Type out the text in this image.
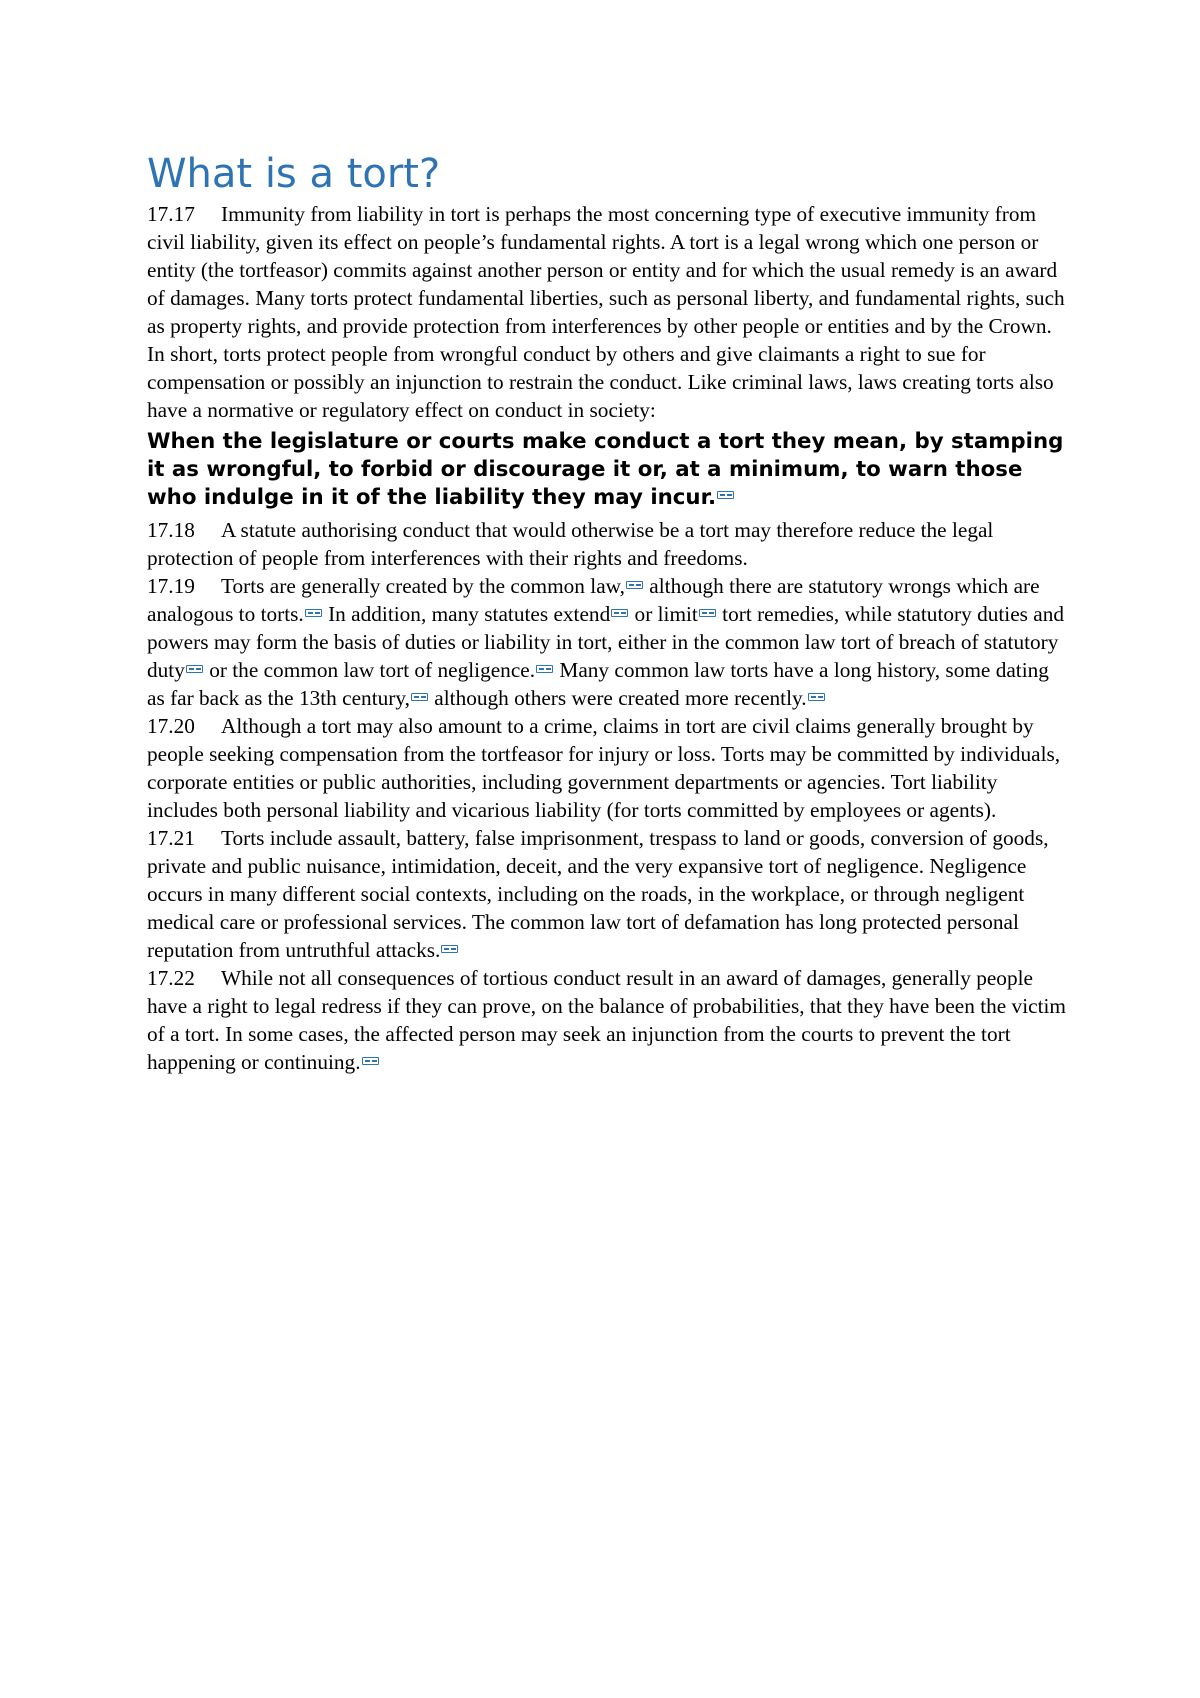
What is a tort?

17.17 Immunity from liability in tort is perhaps the most concerning type of executive immunity from civil liability, given its effect on people’s fundamental rights. A tort is a legal wrong which one person or entity (the tortfeasor) commits against another person or entity and for which the usual remedy is an award of damages. Many torts protect fundamental liberties, such as personal liberty, and fundamental rights, such as property rights, and provide protection from interferences by other people or entities and by the Crown. In short, torts protect people from wrongful conduct by others and give claimants a right to sue for compensation or possibly an injunction to restrain the conduct. Like criminal laws, laws creating torts also have a normative or regulatory effect on conduct in society:

When the legislature or courts make conduct a tort they mean, by stamping it as wrongful, to forbid or discourage it or, at a minimum, to warn those who indulge in it of the liability they may incur.

17.18 A statute authorising conduct that would otherwise be a tort may therefore reduce the legal protection of people from interferences with their rights and freedoms.

17.19 Torts are generally created by the common law, although there are statutory wrongs which are analogous to torts. In addition, many statutes extend or limit tort remedies, while statutory duties and powers may form the basis of duties or liability in tort, either in the common law tort of breach of statutory duty or the common law tort of negligence. Many common law torts have a long history, some dating as far back as the 13th century, although others were created more recently.

17.20 Although a tort may also amount to a crime, claims in tort are civil claims generally brought by people seeking compensation from the tortfeasor for injury or loss. Torts may be committed by individuals, corporate entities or public authorities, including government departments or agencies. Tort liability includes both personal liability and vicarious liability (for torts committed by employees or agents).

17.21 Torts include assault, battery, false imprisonment, trespass to land or goods, conversion of goods, private and public nuisance, intimidation, deceit, and the very expansive tort of negligence. Negligence occurs in many different social contexts, including on the roads, in the workplace, or through negligent medical care or professional services. The common law tort of defamation has long protected personal reputation from untruthful attacks.

17.22 While not all consequences of tortious conduct result in an award of damages, generally people have a right to legal redress if they can prove, on the balance of probabilities, that they have been the victim of a tort. In some cases, the affected person may seek an injunction from the courts to prevent the tort happening or continuing.
